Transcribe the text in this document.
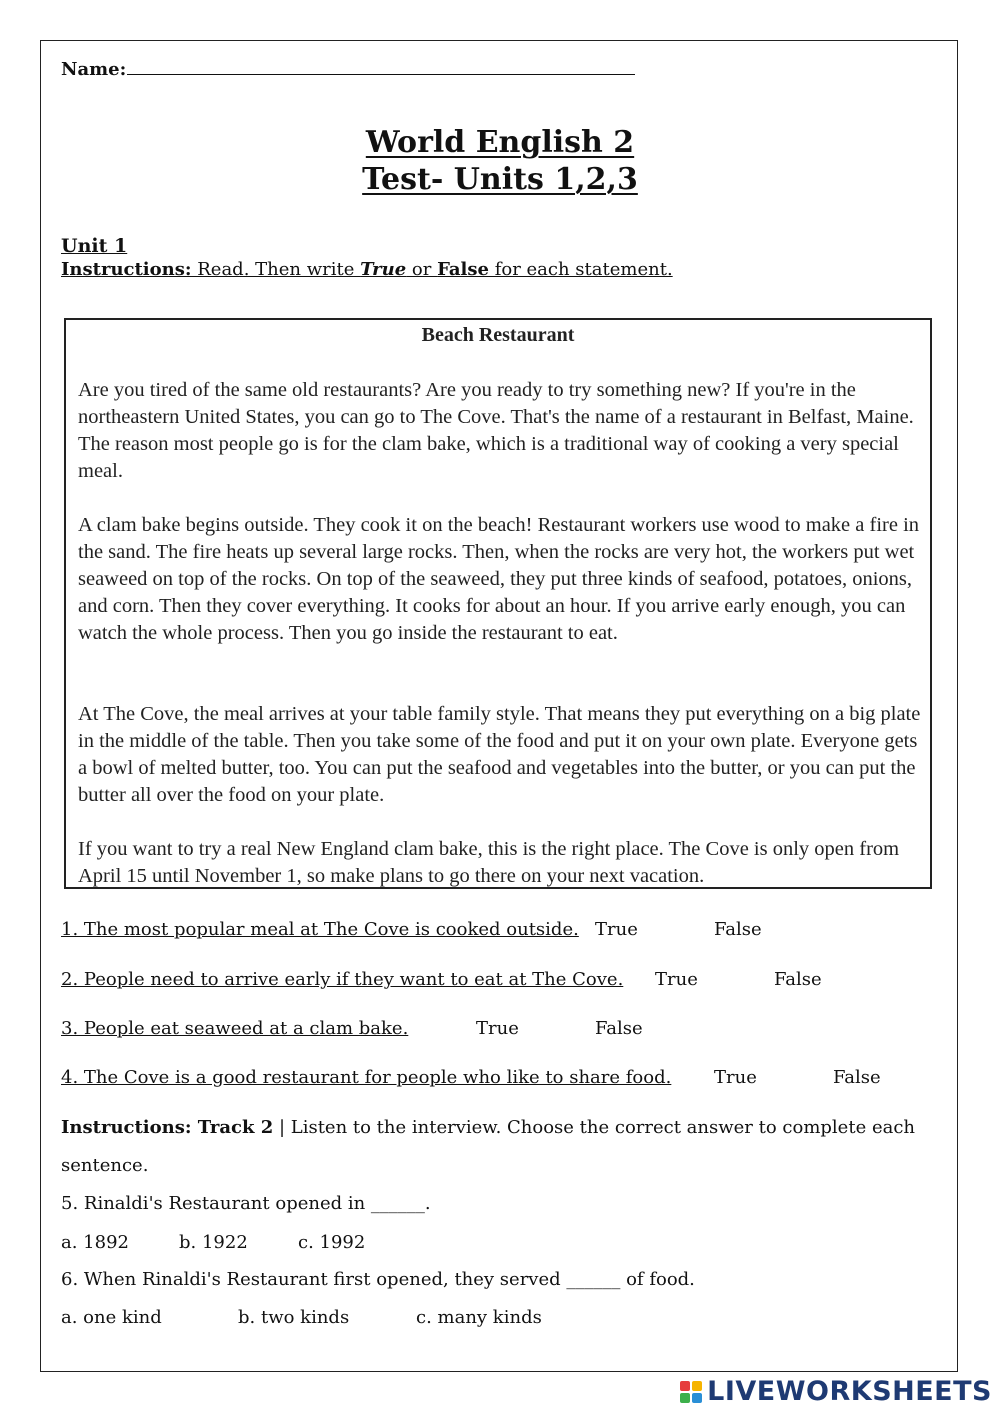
Name:
World English 2
Test- Units 1,2,3
Unit 1
Instructions: Read. Then write True or False for each statement.
Beach Restaurant
Are you tired of the same old restaurants? Are you ready to try something new? If you're in the northeastern United States, you can go to The Cove. That's the name of a restaurant in Belfast, Maine. The reason most people go is for the clam bake, which is a traditional way of cooking a very special meal.
A clam bake begins outside. They cook it on the beach! Restaurant workers use wood to make a fire in the sand. The fire heats up several large rocks. Then, when the rocks are very hot, the workers put wet seaweed on top of the rocks. On top of the seaweed, they put three kinds of seafood, potatoes, onions, and corn. Then they cover everything. It cooks for about an hour. If you arrive early enough, you can watch the whole process. Then you go inside the restaurant to eat.
At The Cove, the meal arrives at your table family style. That means they put everything on a big plate in the middle of the table. Then you take some of the food and put it on your own plate. Everyone gets a bowl of melted butter, too. You can put the seafood and vegetables into the butter, or you can put the butter all over the food on your plate.
If you want to try a real New England clam bake, this is the right place. The Cove is only open from April 15 until November 1, so make plans to go there on your next vacation.
1. The most popular meal at The Cove is cooked outside. True	False
2. People need to arrive early if they want to eat at The Cove. True	False
3. People eat seaweed at a clam bake.	True	False
4. The Cove is a good restaurant for people who like to share food. True	False
Instructions: Track 2 | Listen to the interview. Choose the correct answer to complete each
sentence.
5. Rinaldi's Restaurant opened in ______.
a. 1892	b. 1922	c. 1992
6. When Rinaldi's Restaurant first opened, they served ______ of food.
a. one kind	b. two kinds	c. many kinds
LIVEWORKSHEETS
